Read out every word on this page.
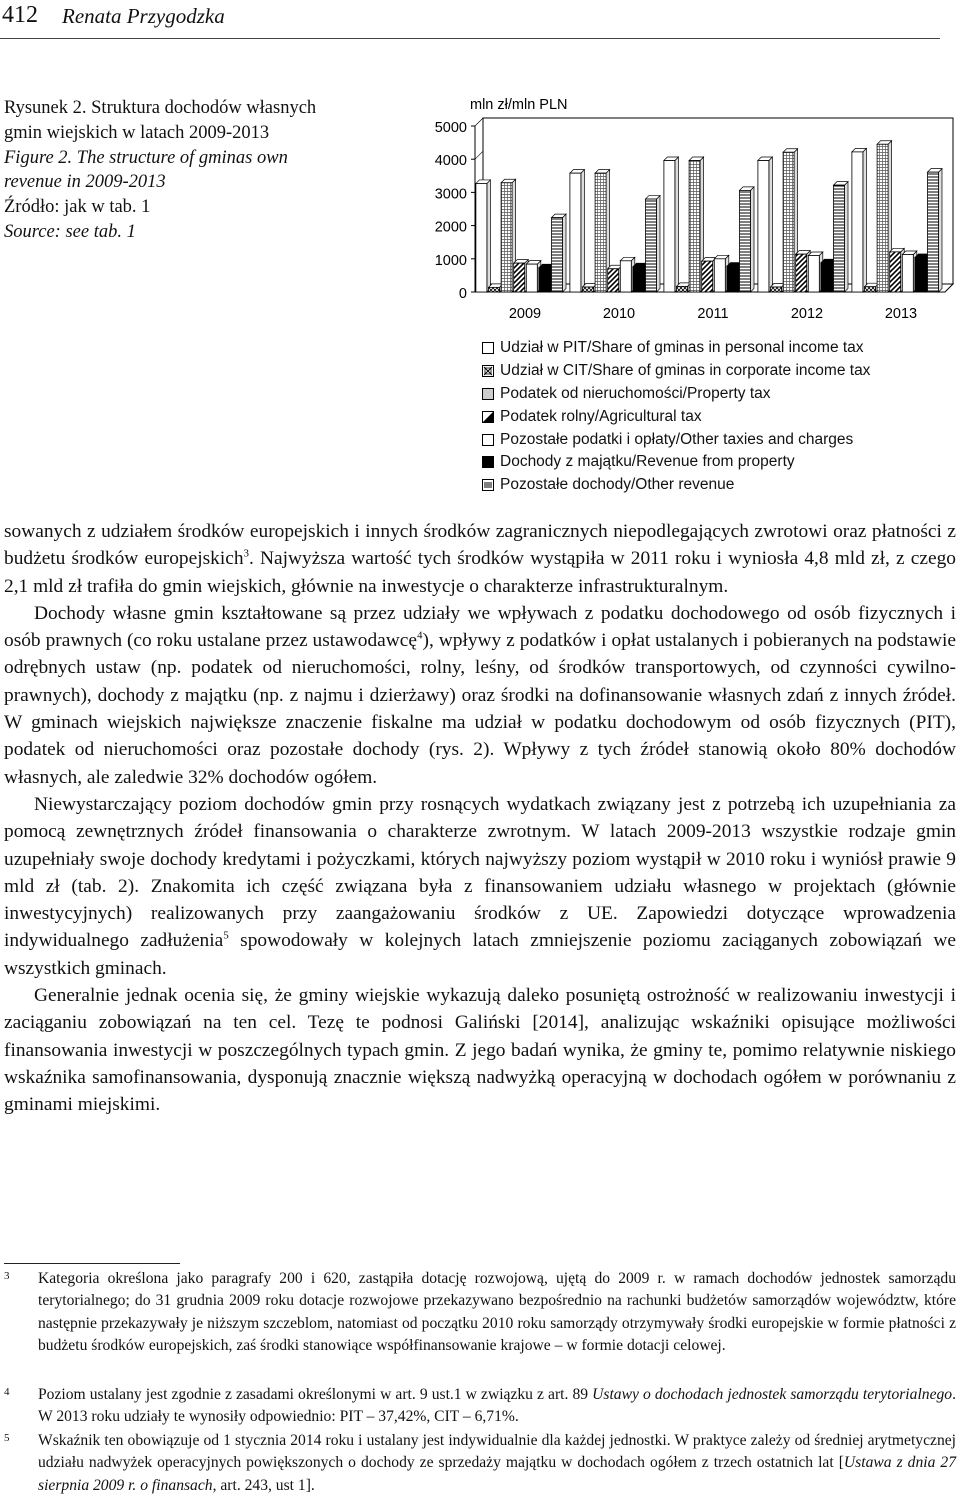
412 Renata Przygodzka
Rysunek 2. Struktura dochodów własnych
gmin wiejskich w latach 2009-2013
Figure 2. The structure of gminas own
revenue in 2009-2013
Źródło: jak w tab. 1
Source: see tab. 1
mln zł/mln PLN
0
1000
2000
3000
4000
5000
2009	2010	2011	2012	2013
Udział w PIT/Share of gminas in personal income tax
Udział w CIT/Share of gminas in corporate income tax
Podatek od nieruchomości/Property tax
Podatek rolny/Agricultural tax
Pozostałe podatki i opłaty/Other taxies and charges
Dochody z majątku/Revenue from property
Pozostałe dochody/Other revenue

sowanych z udziałem środków europejskich i innych środków zagranicznych niepodlegających zwrotowi oraz płatności z budżetu środków europejskich$^3$. Najwyższa wartość tych środków wystąpiła w 2011 roku i wyniosła 4,8 mld zł, z czego 2,1 mld zł trafiła do gmin wiejskich, głównie na inwestycje o charakterze infrastrukturalnym.

Dochody własne gmin kształtowane są przez udziały we wpływach z podatku dochodowego od osób fizycznych i osób prawnych (co roku ustalane przez ustawodawcę$^4$), wpływy z podatków i opłat ustalanych i pobieranych na podstawie odrębnych ustaw (np. podatek od nieruchomości, rolny, leśny, od środków transportowych, od czynności cywilno-prawnych), dochody z majątku (np. z najmu i dzierżawy) oraz środki na dofinansowanie własnych zdań z innych źródeł. W gminach wiejskich największe znaczenie fiskalne ma udział w podatku dochodowym od osób fizycznych (PIT), podatek od nieruchomości oraz pozostałe dochody (rys. 2). Wpływy z tych źródeł stanowią około 80% dochodów własnych, ale zaledwie 32% dochodów ogółem.

Niewystarczający poziom dochodów gmin przy rosnących wydatkach związany jest z potrzebą ich uzupełniania za pomocą zewnętrznych źródeł finansowania o charakterze zwrotnym. W latach 2009-2013 wszystkie rodzaje gmin uzupełniały swoje dochody kredytami i pożyczkami, których najwyższy poziom wystąpił w 2010 roku i wyniósł prawie 9 mld zł (tab. 2). Znakomita ich część związana była z finansowaniem udziału własnego w projektach (głównie inwestycyjnych) realizowanych przy zaangażowaniu środków z UE. Zapowiedzi dotyczące wprowadzenia indywidualnego zadłużenia$^5$ spowodowały w kolejnych latach zmniejszenie poziomu zaciąganych zobowiązań we wszystkich gminach.

Generalnie jednak ocenia się, że gminy wiejskie wykazują daleko posuniętą ostrożność w realizowaniu inwestycji i zaciąganiu zobowiązań na ten cel. Tezę te podnosi Galiński [2014], analizując wskaźniki opisujące możliwości finansowania inwestycji w poszczególnych typach gmin. Z jego badań wynika, że gminy te, pomimo relatywnie niskiego wskaźnika samofinansowania, dysponują znacznie większą nadwyżką operacyjną w dochodach ogółem w porównaniu z gminami miejskimi.

3 Kategoria określona jako paragrafy 200 i 620, zastąpiła dotację rozwojową, ujętą do 2009 r. w ramach dochodów jednostek samorządu terytorialnego; do 31 grudnia 2009 roku dotacje rozwojowe przekazywano bezpośrednio na rachunki budżetów samorządów województw, które następnie przekazywały je niższym szczeblom, natomiast od początku 2010 roku samorządy otrzymywały środki europejskie w formie płatności z budżetu środków europejskich, zaś środki stanowiące współfinansowanie krajowe – w formie dotacji celowej.
4 Poziom ustalany jest zgodnie z zasadami określonymi w art. 9 ust.1 w związku z art. 89 Ustawy o dochodach jednostek samorządu terytorialnego. W 2013 roku udziały te wynosiły odpowiednio: PIT – 37,42%, CIT – 6,71%.
5 Wskaźnik ten obowiązuje od 1 stycznia 2014 roku i ustalany jest indywidualnie dla każdej jednostki. W praktyce zależy od średniej arytmetycznej udziału nadwyżek operacyjnych powiększonych o dochody ze sprzedaży majątku w dochodach ogółem z trzech ostatnich lat [Ustawa z dnia 27 sierpnia 2009 r. o finansach, art. 243, ust 1].
